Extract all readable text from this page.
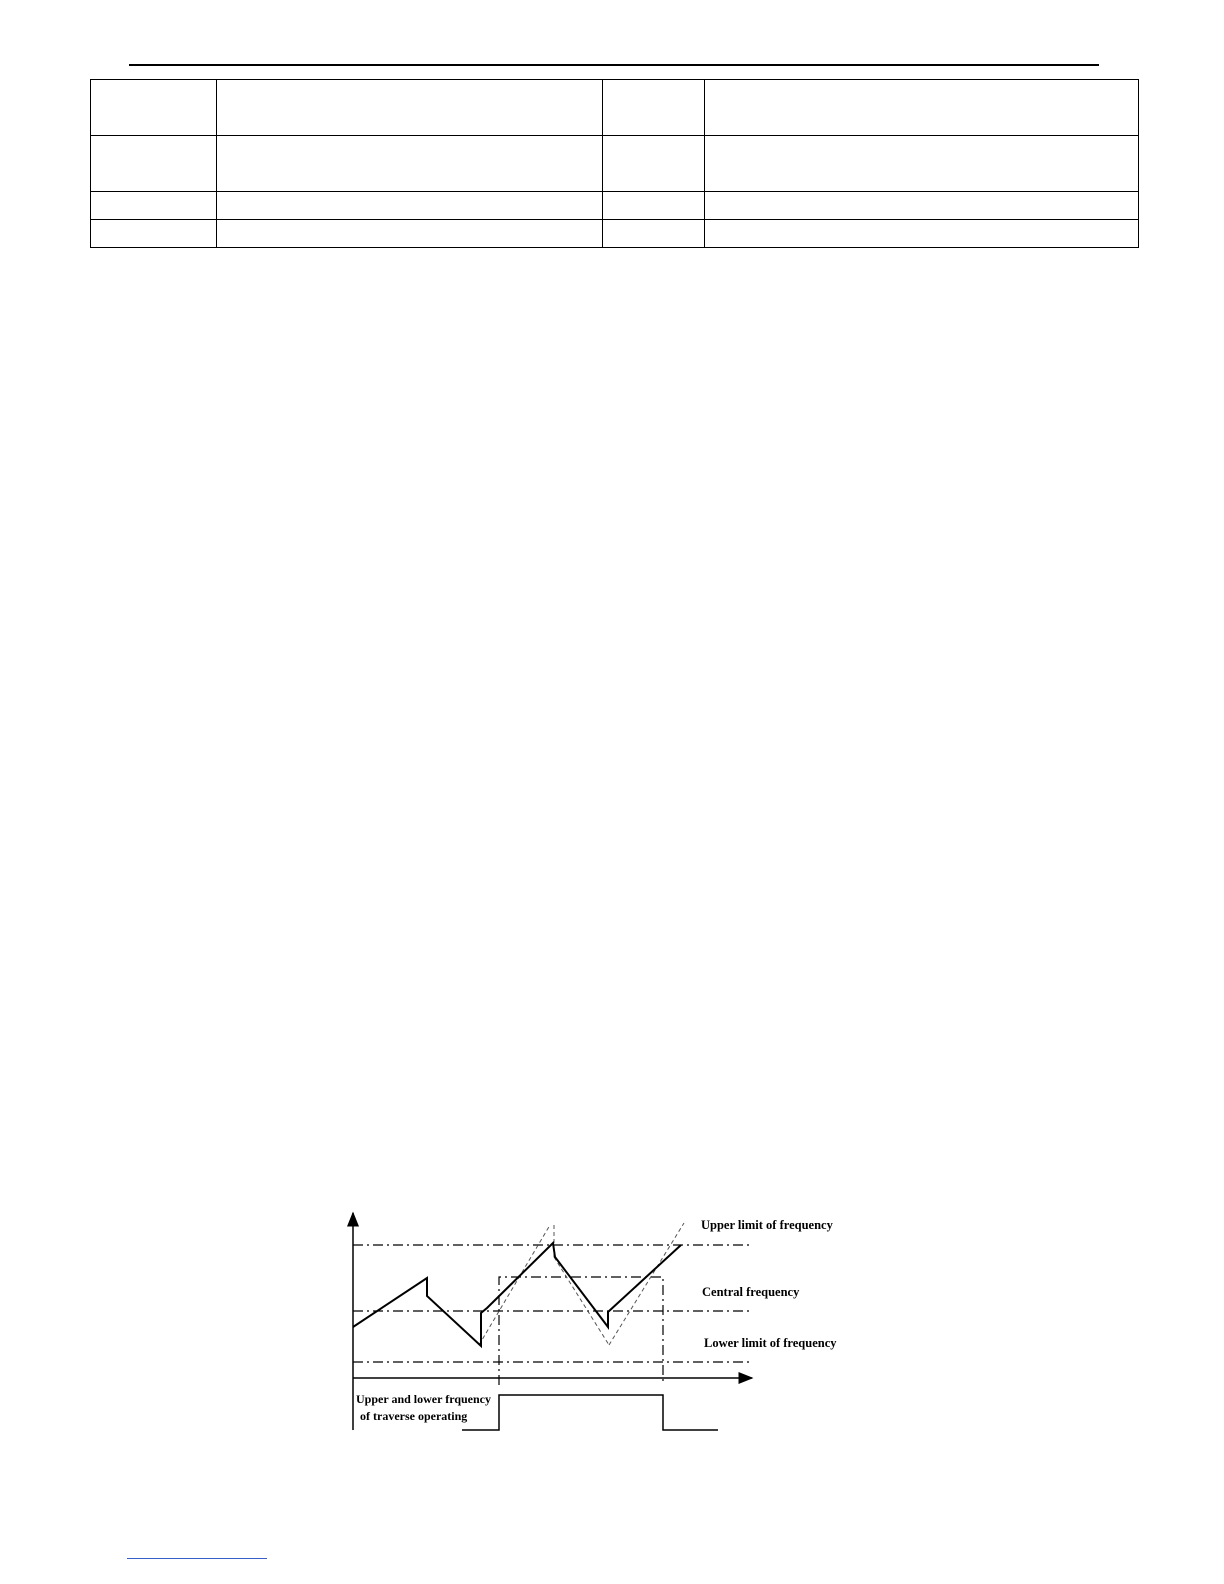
Upper limit of frequency
Central frequency
Lower limit of frequency
Upper and lower frquency
of traverse operating
